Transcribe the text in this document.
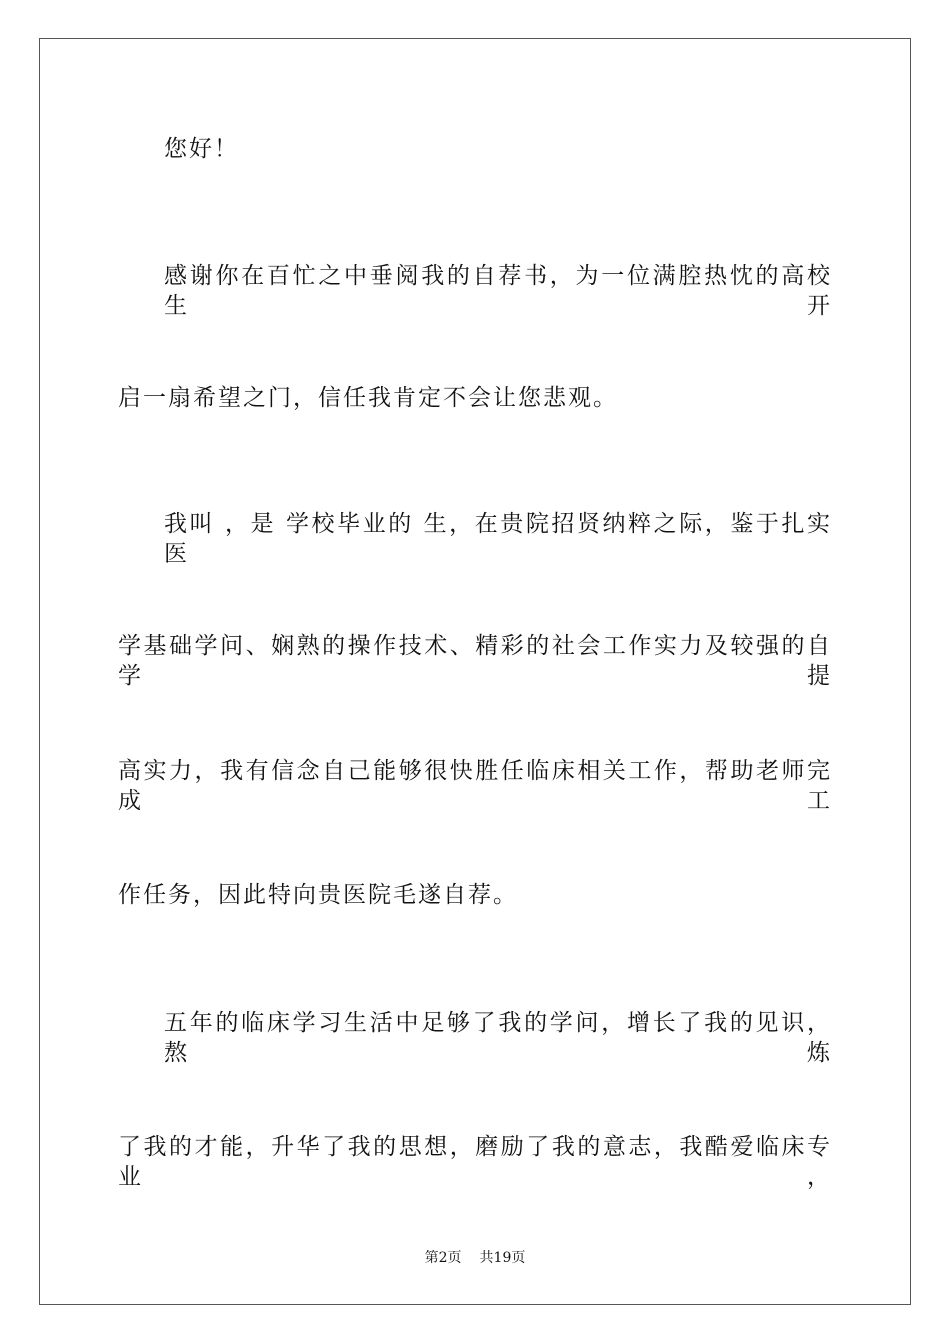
您好！
感谢你在百忙之中垂阅我的自荐书，为一位满腔热忱的高校生开
启一扇希望之门，信任我肯定不会让您悲观。
我叫 ，是 学校毕业的 生，在贵院招贤纳粹之际，鉴于扎实医
学基础学问、娴熟的操作技术、精彩的社会工作实力及较强的自学提
高实力，我有信念自己能够很快胜任临床相关工作，帮助老师完成工
作任务，因此特向贵医院毛遂自荐。
五年的临床学习生活中足够了我的学问，增长了我的见识，熬炼
了我的才能，升华了我的思想，磨励了我的意志，我酷爱临床专业，
第2页 共19页
